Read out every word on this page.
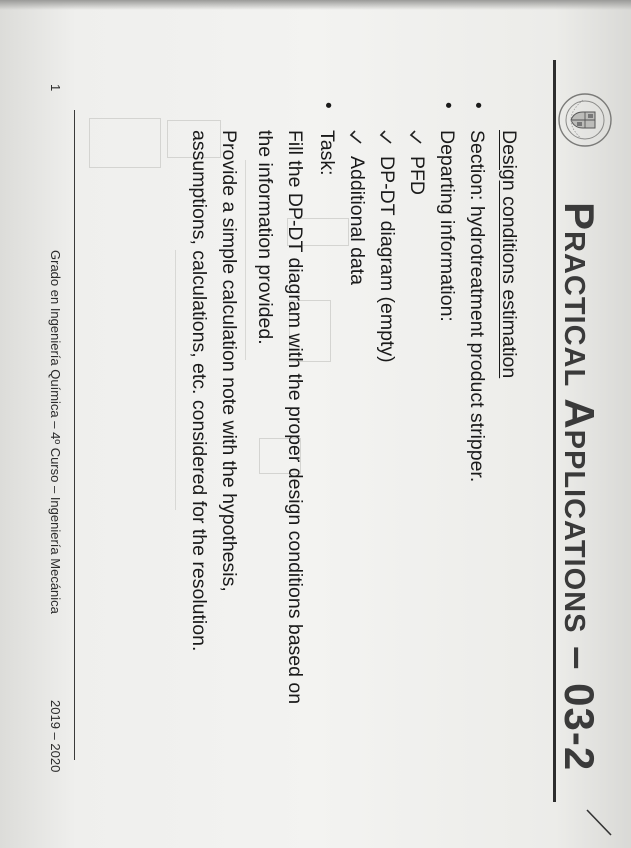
Practical Applications – 03-2
Design conditions estimation
• Section: hydrotreatment product stripper.
• Departing information:
PFD
DP-DT diagram (empty)
Additional data
• Task:
Fill the DP-DT diagram with the proper design conditions based on
the information provided.
Provide a simple calculation note with the hypothesis,
assumptions, calculations, etc. considered for the resolution.
1
Grado en Ingeniería Química – 4º Curso – Ingeniería Mecánica
2019 – 2020
